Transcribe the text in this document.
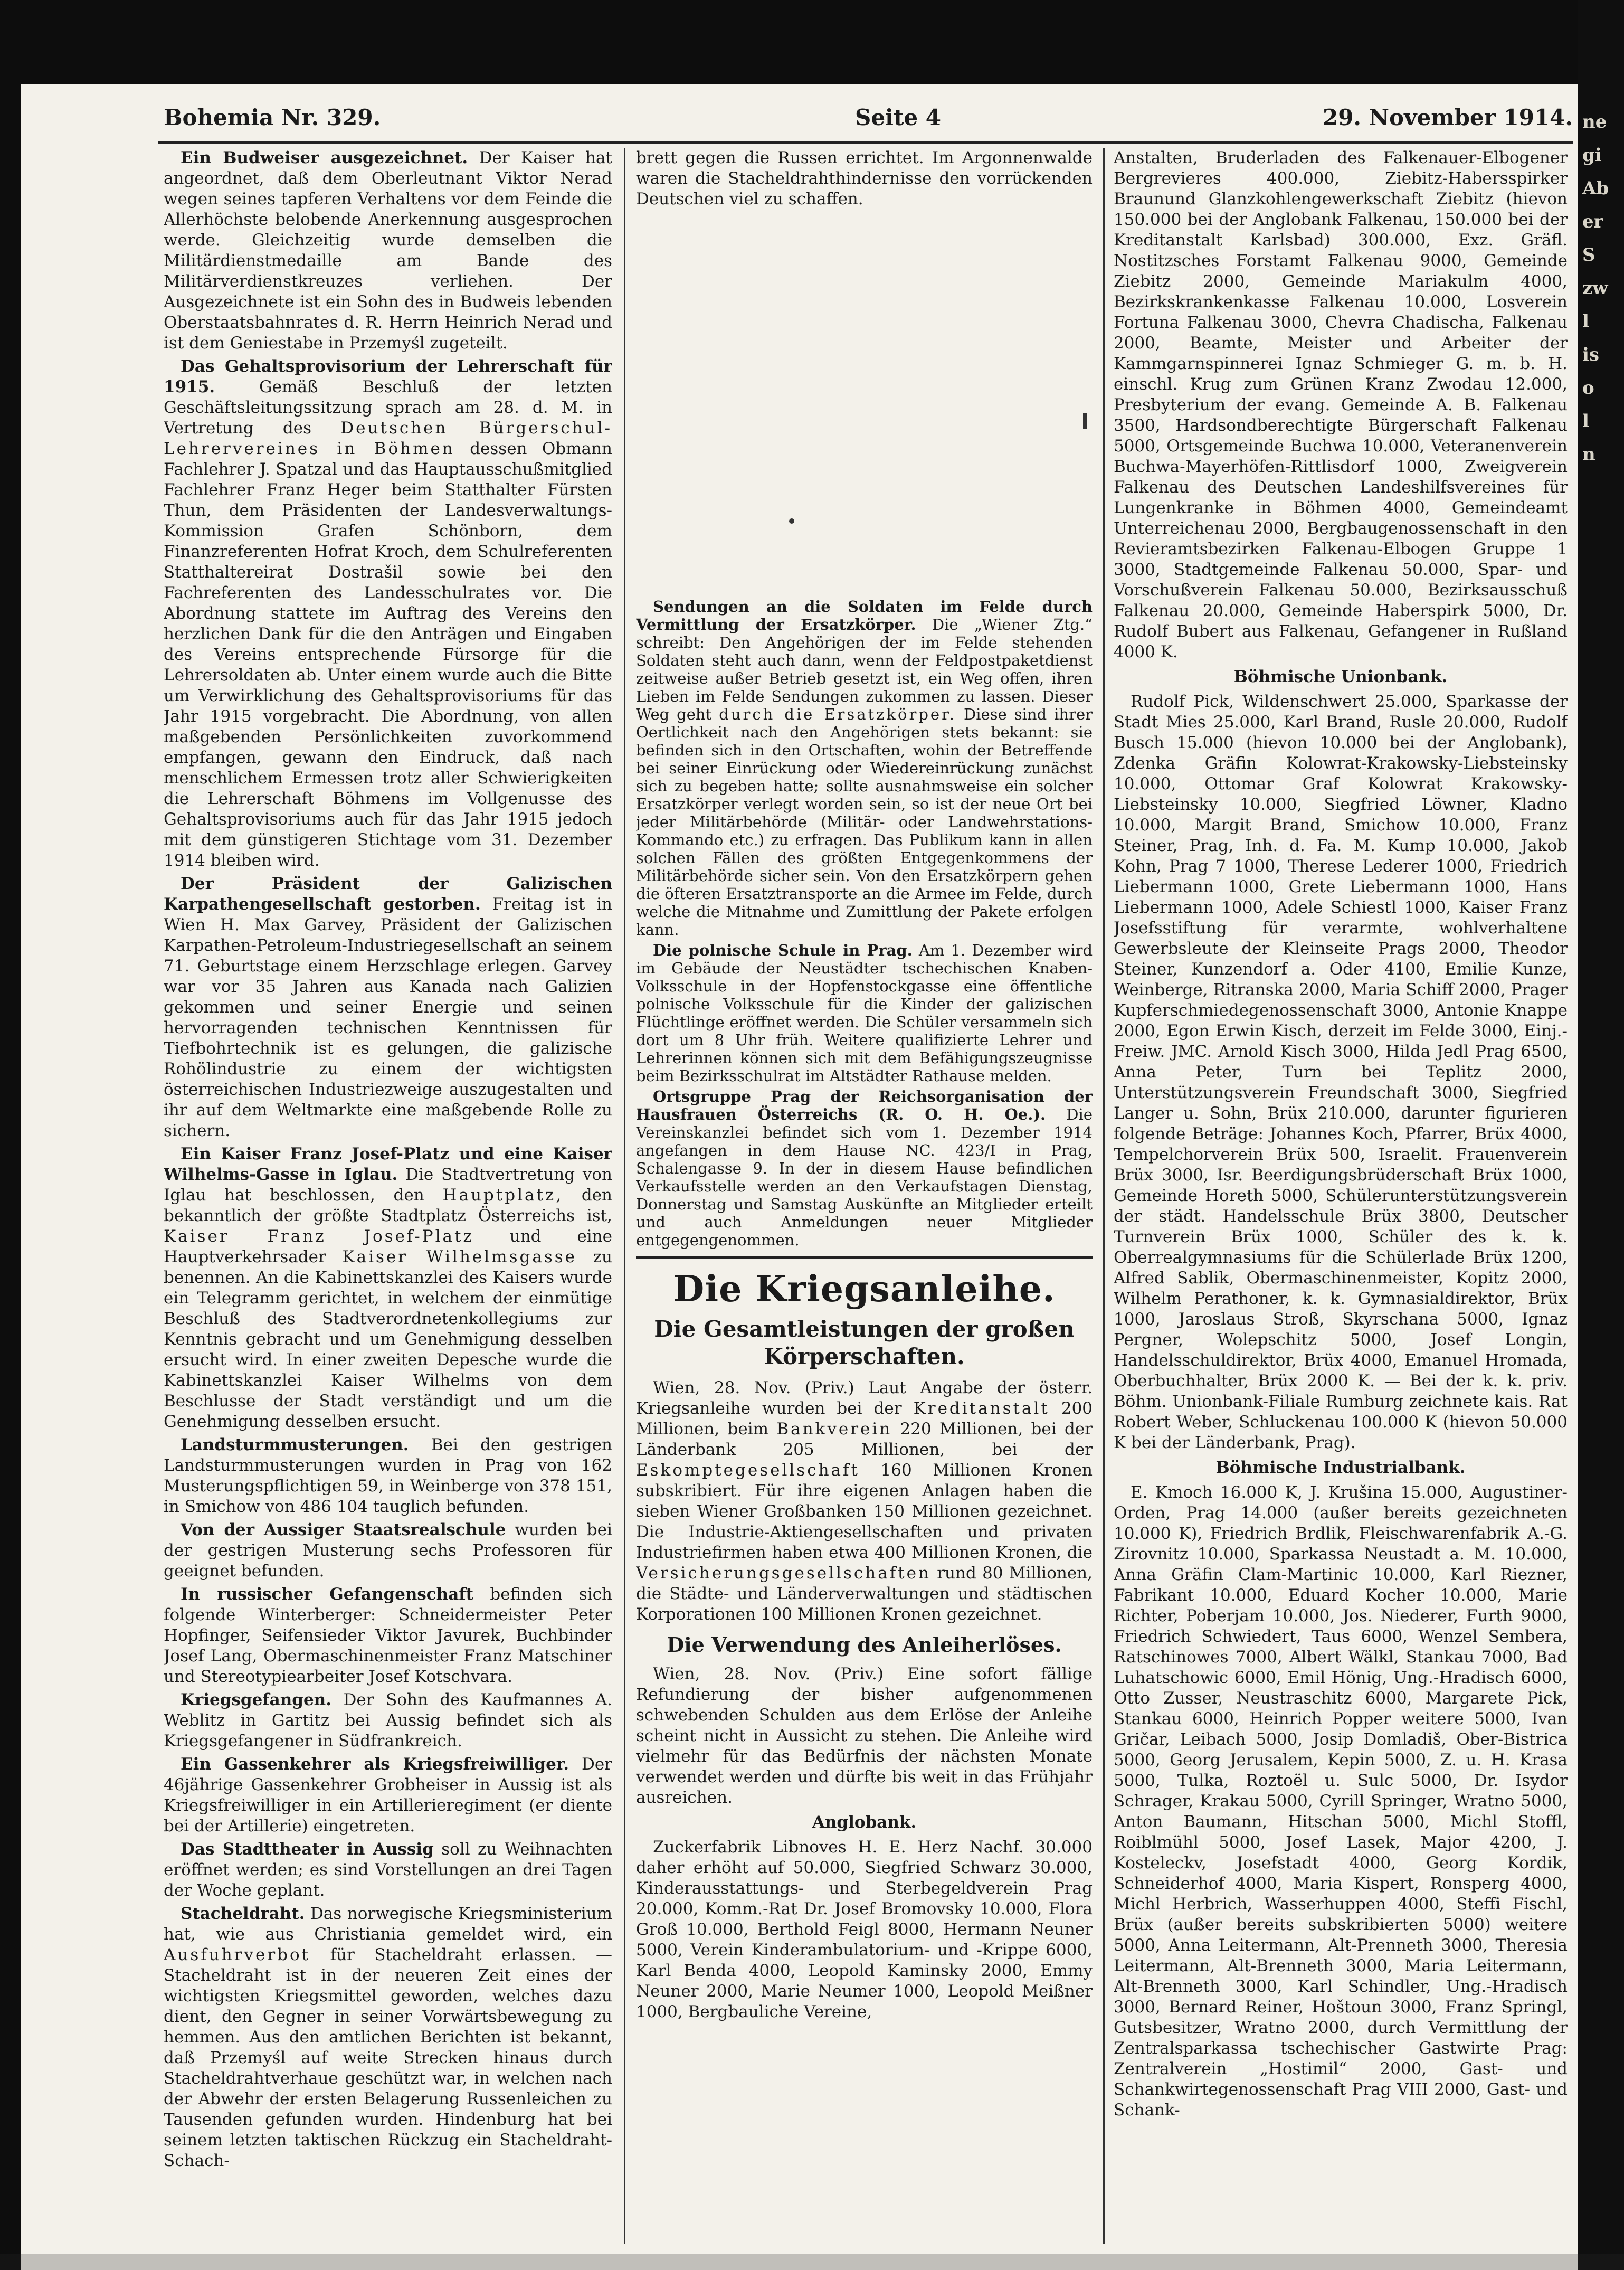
ne
gi
Ab
er
S
zw
l
is
o
l
n
Bohemia Nr. 329.	Seite 4	29. November 1914.

Ein Budweiser ausgezeichnet. Der Kaiser hat angeordnet, daß dem Oberleutnant Viktor Nerad wegen seines tapferen Verhaltens vor dem Feinde die Allerhöchste belobende Anerkennung ausgesprochen werde. Gleichzeitig wurde demselben die Militärdienstmedaille am Bande des Militärverdienstkreuzes verliehen. Der Ausgezeichnete ist ein Sohn des in Budweis lebenden Oberstaatsbahnrates d. R. Herrn Heinrich Nerad und ist dem Geniestabe in Przemyśl zugeteilt.

Das Gehaltsprovisorium der Lehrerschaft für 1915.	Gemäß Beschluß der letzten Geschäftsleitungssitzung sprach am 28. d. M. in Vertretung des Deutschen Bürgerschul-Lehrervereines in Böhmen dessen Obmann Fachlehrer J. Spatzal und das Hauptausschußmitglied Fachlehrer Franz Heger beim Statthalter Fürsten Thun, dem Präsidenten der Landesverwaltungs-Kommission Grafen Schönborn, dem Finanzreferenten Hofrat Kroch, dem Schulreferenten Statthaltereirat Dostrašil sowie bei den Fachreferenten des Landesschulrates vor. Die Abordnung stattete im Auftrag des Vereins den herzlichen Dank für die den Anträgen und Eingaben des Vereins entsprechende Fürsorge für die Lehrersoldaten ab. Unter einem wurde auch die Bitte um Verwirklichung des Gehaltsprovisoriums für das Jahr 1915 vorgebracht. Die Abordnung, von allen maßgebenden Persönlichkeiten zuvorkommend empfangen, gewann den Eindruck, daß nach menschlichem Ermessen trotz aller Schwierigkeiten die Lehrerschaft Böhmens im Vollgenusse des Gehaltsprovisoriums auch für das Jahr 1915 jedoch mit dem günstigeren Stichtage vom 31. Dezember 1914 bleiben wird.

Der Präsident der Galizischen Karpathengesellschaft gestorben. Freitag ist in Wien H. Max Garvey, Präsident der Galizischen Karpathen-Petroleum-Industriegesellschaft an seinem 71. Geburtstage einem Herzschlage erlegen. Garvey war vor 35 Jahren aus Kanada nach Galizien gekommen und seiner Energie und seinen hervorragenden technischen Kenntnissen für Tiefbohrtechnik ist es gelungen, die galizische Rohölindustrie zu einem der wichtigsten österreichischen Industriezweige auszugestalten und ihr auf dem Weltmarkte eine maßgebende Rolle zu sichern.

Ein Kaiser Franz Josef-Platz und eine Kaiser Wilhelms-Gasse in Iglau. Die Stadtvertretung von Iglau hat beschlossen, den Hauptplatz, den bekanntlich der größte Stadtplatz Österreichs ist, Kaiser Franz Josef-Platz und eine Hauptverkehrsader Kaiser Wilhelmsgasse zu benennen. An die Kabinettskanzlei des Kaisers wurde ein Telegramm gerichtet, in welchem der einmütige Beschluß des Stadtverordnetenkollegiums zur Kenntnis gebracht und um Genehmigung desselben ersucht wird. In einer zweiten Depesche wurde die Kabinettskanzlei Kaiser Wilhelms von dem Beschlusse der Stadt verständigt und um die Genehmigung desselben ersucht.

Landsturmmusterungen. Bei den gestrigen Landsturmmusterungen wurden in Prag von 162 Musterungspflichtigen 59, in Weinberge von 378 151, in Smichow von 486 104 tauglich befunden.

Von der Aussiger Staatsrealschule wurden bei der gestrigen Musterung sechs Professoren für geeignet befunden.

In russischer Gefangenschaft befinden sich folgende Winterberger: Schneidermeister Peter Hopfinger, Seifensieder Viktor Javurek, Buchbinder Josef Lang, Obermaschinenmeister Franz Matschiner und Stereotypiearbeiter Josef Kotschvara.

Kriegsgefangen. Der Sohn des Kaufmannes A. Weblitz in Gartitz bei Aussig befindet sich als Kriegsgefangener in Südfrankreich.

Ein Gassenkehrer als Kriegsfreiwilliger. Der 46jährige Gassenkehrer Grobheiser in Aussig ist als Kriegsfreiwilliger in ein Artillerieregiment (er diente bei der Artillerie) eingetreten.

Das Stadttheater in Aussig soll zu Weihnachten eröffnet werden; es sind Vorstellungen an drei Tagen der Woche geplant.

Stacheldraht. Das norwegische Kriegsministerium hat, wie aus Christiania gemeldet wird, ein Ausfuhrverbot für Stacheldraht erlassen. — Stacheldraht ist in der neueren Zeit eines der wichtigsten Kriegsmittel geworden, welches dazu dient, den Gegner in seiner Vorwärtsbewegung zu hemmen. Aus den amtlichen Berichten ist bekannt, daß Przemyśl auf weite Strecken hinaus durch Stacheldrahtverhaue geschützt war, in welchen nach der Abwehr der ersten Belagerung Russenleichen zu Tausenden gefunden wurden. Hindenburg hat bei seinem letzten taktischen Rückzug ein Stacheldraht-Schach-

brett gegen die Russen errichtet. Im Argonnenwalde waren die Stacheldrahthindernisse den vorrückenden Deutschen viel zu schaffen.

Sendungen an die Soldaten im Felde durch Vermittlung der Ersatzkörper. Die „Wiener Ztg.“ schreibt: Den Angehörigen der im Felde stehenden Soldaten steht auch dann, wenn der Feldpostpaketdienst zeitweise außer Betrieb gesetzt ist, ein Weg offen, ihren Lieben im Felde Sendungen zukommen zu lassen. Dieser Weg geht durch die Ersatzkörper. Diese sind ihrer Oertlichkeit nach den Angehörigen stets bekannt: sie befinden sich in den Ortschaften, wohin der Betreffende bei seiner Einrückung oder Wiedereinrückung zunächst sich zu begeben hatte; sollte ausnahmsweise ein solcher Ersatzkörper verlegt worden sein, so ist der neue Ort bei jeder Militärbehörde (Militär- oder Landwehrstations-Kommando etc.) zu erfragen. Das Publikum kann in allen solchen Fällen des größten Entgegenkommens der Militärbehörde sicher sein. Von den Ersatzkörpern gehen die öfteren Ersatztransporte an die Armee im Felde, durch welche die Mitnahme und Zumittlung der Pakete erfolgen kann.

Die polnische Schule in Prag. Am 1. Dezember wird im Gebäude der Neustädter tschechischen Knaben-Volksschule in der Hopfenstockgasse eine öffentliche polnische Volksschule für die Kinder der galizischen Flüchtlinge eröffnet werden. Die Schüler versammeln sich dort um 8 Uhr früh. Weitere qualifizierte Lehrer und Lehrerinnen können sich mit dem Befähigungszeugnisse beim Bezirksschulrat im Altstädter Rathause melden.

Ortsgruppe Prag der Reichsorganisation der Hausfrauen Österreichs (R. O. H. Oe.). Die Vereinskanzlei befindet sich vom 1. Dezember 1914 angefangen in dem Hause NC. 423/I in Prag, Schalengasse 9. In der in diesem Hause befindlichen Verkaufsstelle werden an den Verkaufstagen Dienstag, Donnerstag und Samstag Auskünfte an Mitglieder erteilt und auch Anmeldungen neuer Mitglieder entgegengenommen.

Die Kriegsanleihe.
Die Gesamtleistungen der großen Körperschaften.

Wien, 28. Nov. (Priv.) Laut Angabe der österr. Kriegsanleihe wurden bei der Kreditanstalt 200 Millionen, beim Bankverein 220 Millionen, bei der Länderbank 205 Millionen, bei der Eskomptegesellschaft 160 Millionen Kronen subskribiert. Für ihre eigenen Anlagen haben die sieben Wiener Großbanken 150 Millionen gezeichnet. Die Industrie-Aktiengesellschaften und privaten Industriefirmen haben etwa 400 Millionen Kronen, die Versicherungsgesellschaften rund 80 Millionen, die Städte- und Länderverwaltungen und städtischen Korporationen 100 Millionen Kronen gezeichnet.

Die Verwendung des Anleiherlöses.

Wien, 28. Nov. (Priv.) Eine sofort fällige Refundierung der bisher aufgenommenen schwebenden Schulden aus dem Erlöse der Anleihe scheint nicht in Aussicht zu stehen. Die Anleihe wird vielmehr für das Bedürfnis der nächsten Monate verwendet werden und dürfte bis weit in das Frühjahr ausreichen.

Anglobank.

Zuckerfabrik Libnoves H. E. Herz Nachf. 30.000 daher erhöht auf 50.000, Siegfried Schwarz 30.000, Kinderausstattungs- und Sterbegeldverein Prag 20.000, Komm.-Rat Dr. Josef Bromovsky 10.000, Flora Groß 10.000, Berthold Feigl 8000, Hermann Neuner 5000, Verein Kinderambulatorium- und -Krippe 6000, Karl Benda 4000, Leopold Kaminsky 2000, Emmy Neuner 2000, Marie Neumer 1000, Leopold Meißner 1000, Bergbauliche Vereine,

Anstalten, Bruderladen des Falkenauer-Elbogener Bergrevieres 400.000, Ziebitz-Habersspirker Braunund Glanzkohlengewerkschaft Ziebitz (hievon 150.000 bei der Anglobank Falkenau, 150.000 bei der Kreditanstalt Karlsbad) 300.000, Exz. Gräfl. Nostitzsches Forstamt Falkenau 9000, Gemeinde Ziebitz 2000, Gemeinde Mariakulm 4000, Bezirkskrankenkasse Falkenau 10.000, Losverein Fortuna Falkenau 3000, Chevra Chadischa, Falkenau 2000, Beamte, Meister und Arbeiter der Kammgarnspinnerei Ignaz Schmieger G. m. b. H. einschl. Krug zum Grünen Kranz Zwodau 12.000, Presbyterium der evang. Gemeinde A. B. Falkenau 3500, Hardsondberechtigte Bürgerschaft Falkenau 5000, Ortsgemeinde Buchwa 10.000, Veteranenverein Buchwa-Mayerhöfen-Rittlisdorf 1000, Zweigverein Falkenau des Deutschen Landeshilfsvereines für Lungenkranke in Böhmen 4000, Gemeindeamt Unterreichenau 2000, Bergbaugenossenschaft in den Revieramtsbezirken Falkenau-Elbogen Gruppe 1 3000, Stadtgemeinde Falkenau 50.000, Spar- und Vorschußverein Falkenau 50.000, Bezirksausschuß Falkenau 20.000, Gemeinde Haberspirk 5000, Dr. Rudolf Bubert aus Falkenau, Gefangener in Rußland 4000 K.

Böhmische Unionbank.

Rudolf Pick, Wildenschwert 25.000, Sparkasse der Stadt Mies 25.000, Karl Brand, Rusle 20.000, Rudolf Busch 15.000 (hievon 10.000 bei der Anglobank), Zdenka Gräfin Kolowrat-Krakowsky-Liebsteinsky 10.000, Ottomar Graf Kolowrat Krakowsky-Liebsteinsky 10.000, Siegfried Löwner, Kladno 10.000, Margit Brand, Smichow 10.000, Franz Steiner, Prag, Inh. d. Fa. M. Kump 10.000, Jakob Kohn, Prag 7 1000, Therese Lederer 1000, Friedrich Liebermann 1000, Grete Liebermann 1000, Hans Liebermann 1000, Adele Schiestl 1000, Kaiser Franz Josefsstiftung für verarmte, wohlverhaltene Gewerbsleute der Kleinseite Prags 2000, Theodor Steiner, Kunzendorf a. Oder 4100, Emilie Kunze, Weinberge, Ritranska 2000, Maria Schiff 2000, Prager Kupferschmiedegenossenschaft 3000, Antonie Knappe 2000, Egon Erwin Kisch, derzeit im Felde 3000, Einj.-Freiw. JMC. Arnold Kisch 3000, Hilda Jedl Prag 6500, Anna Peter, Turn bei Teplitz 2000, Unterstützungsverein Freundschaft 3000, Siegfried Langer u. Sohn, Brüx 210.000, darunter figurieren folgende Beträge: Johannes Koch, Pfarrer, Brüx 4000, Tempelchorverein Brüx 500, Israelit. Frauenverein Brüx 3000, Isr. Beerdigungsbrüderschaft Brüx 1000, Gemeinde Horeth 5000, Schülerunterstützungsverein der städt. Handelsschule Brüx 3800, Deutscher Turnverein Brüx 1000, Schüler des k. k. Oberrealgymnasiums für die Schülerlade Brüx 1200, Alfred Sablik, Obermaschinenmeister, Kopitz 2000, Wilhelm Perathoner, k. k. Gymnasialdirektor, Brüx 1000, Jaroslaus Stroß, Skyrschana 5000, Ignaz Pergner, Wolepschitz 5000, Josef Longin, Handelsschuldirektor, Brüx 4000, Emanuel Hromada, Oberbuchhalter, Brüx 2000 K. — Bei der k. k. priv. Böhm. Unionbank-Filiale Rumburg zeichnete kais. Rat Robert Weber, Schluckenau 100.000 K (hievon 50.000 K bei der Länderbank, Prag).

Böhmische Industrialbank.

E. Kmoch 16.000 K, J. Krušina 15.000, Augustiner-Orden, Prag 14.000 (außer bereits gezeichneten 10.000 K), Friedrich Brdlik, Fleischwarenfabrik A.-G. Zirovnitz 10.000, Sparkassa Neustadt a. M. 10.000, Anna Gräfin Clam-Martinic 10.000, Karl Riezner, Fabrikant 10.000, Eduard Kocher 10.000, Marie Richter, Poberjam 10.000, Jos. Niederer, Furth 9000, Friedrich Schwiedert, Taus 6000, Wenzel Sembera, Ratschinowes 7000, Albert Wälkl, Stankau 7000, Bad Luhatschowic 6000, Emil Hönig, Ung.-Hradisch 6000, Otto Zusser, Neustraschitz 6000, Margarete Pick, Stankau 6000, Heinrich Popper weitere 5000, Ivan Gričar, Leibach 5000, Josip Domladiš, Ober-Bistrica 5000, Georg Jerusalem, Kepin 5000, Z. u. H. Krasa 5000, Tulka, Roztoël u. Sulc 5000, Dr. Isydor Schrager, Krakau 5000, Cyrill Springer, Wratno 5000, Anton Baumann, Hitschan 5000, Michl Stoffl, Roiblmühl 5000, Josef Lasek, Major 4200, J. Kosteleckv, Josefstadt 4000, Georg Kordik, Schneiderhof 4000, Maria Kispert, Ronsperg 4000, Michl Herbrich, Wasserhuppen 4000, Steffi Fischl, Brüx (außer bereits subskribierten 5000) weitere 5000, Anna Leitermann, Alt-Prenneth 3000, Theresia Leitermann, Alt-Brenneth 3000, Maria Leitermann, Alt-Brenneth 3000, Karl Schindler, Ung.-Hradisch 3000, Bernard Reiner, Hoštoun 3000, Franz Springl, Gutsbesitzer, Wratno 2000, durch Vermittlung der Zentralsparkassa tschechischer Gastwirte Prag: Zentralverein „Hostimil“ 2000, Gast- und Schankwirtegenossenschaft Prag VIII 2000, Gast- und Schank-
